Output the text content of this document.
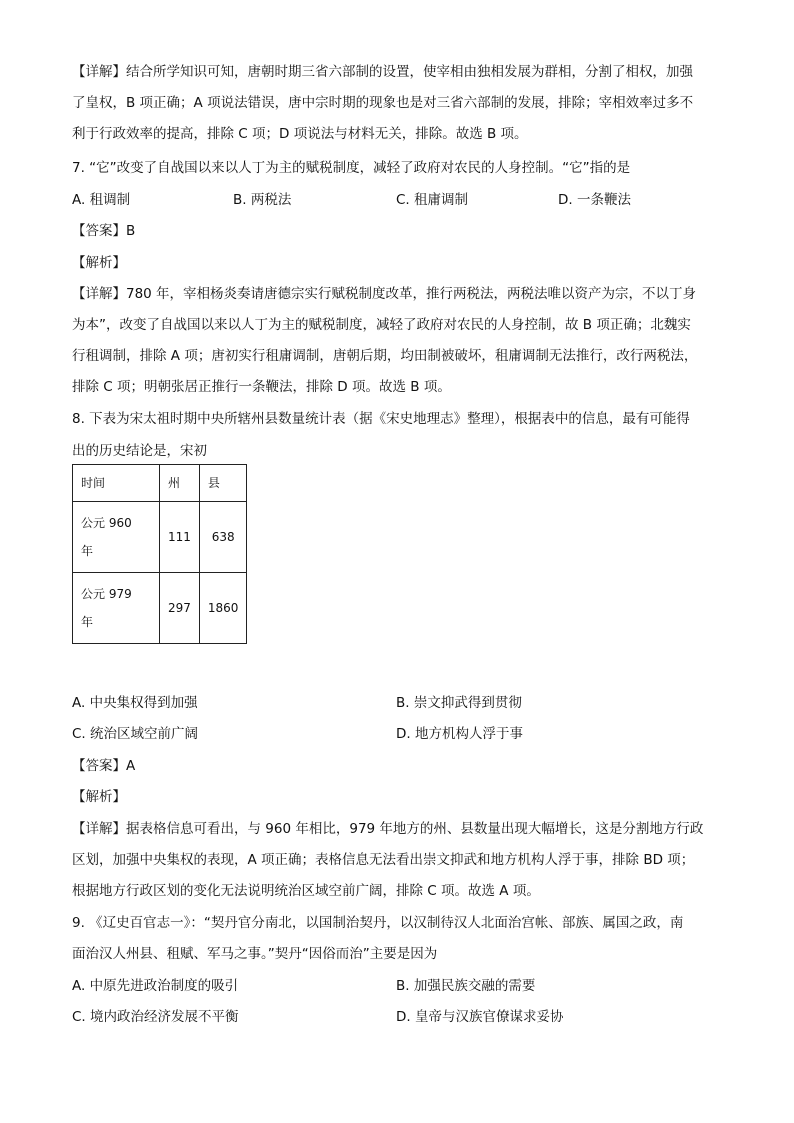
【详解】结合所学知识可知，唐朝时期三省六部制的设置，使宰相由独相发展为群相，分割了相权，加强
了皇权，B 项正确；A 项说法错误，唐中宗时期的现象也是对三省六部制的发展，排除；宰相效率过多不
利于行政效率的提高，排除 C 项；D 项说法与材料无关，排除。故选 B 项。
7. “它”改变了自战国以来以人丁为主的赋税制度，减轻了政府对农民的人身控制。“它”指的是
A. 租调制	B. 两税法	C. 租庸调制	D. 一条鞭法
【答案】B
【解析】
【详解】780 年，宰相杨炎奏请唐德宗实行赋税制度改革，推行两税法，两税法唯以资产为宗，不以丁身
为本”，改变了自战国以来以人丁为主的赋税制度，减轻了政府对农民的人身控制，故 B 项正确；北魏实
行租调制，排除 A 项；唐初实行租庸调制，唐朝后期，均田制被破坏，租庸调制无法推行，改行两税法，
排除 C 项；明朝张居正推行一条鞭法，排除 D 项。故选 B 项。
8. 下表为宋太祖时期中央所辖州县数量统计表（据《宋史地理志》整理），根据表中的信息，最有可能得
出的历史结论是，宋初
时间	州	县

公元 960
年	111	638

公元 979
年	297	1860
A. 中央集权得到加强	B. 崇文抑武得到贯彻
C. 统治区域空前广阔	D. 地方机构人浮于事
【答案】A
【解析】
【详解】据表格信息可看出，与 960 年相比，979 年地方的州、县数量出现大幅增长，这是分割地方行政
区划，加强中央集权的表现，A 项正确；表格信息无法看出崇文抑武和地方机构人浮于事，排除 BD 项；
根据地方行政区划的变化无法说明统治区域空前广阔，排除 C 项。故选 A 项。
9. 《辽史百官志一》：“契丹官分南北，以国制治契丹，以汉制待汉人北面治宫帐、部族、属国之政，南
面治汉人州县、租赋、军马之事。”契丹“因俗而治”主要是因为
A. 中原先进政治制度的吸引	B. 加强民族交融的需要
C. 境内政治经济发展不平衡	D. 皇帝与汉族官僚谋求妥协
